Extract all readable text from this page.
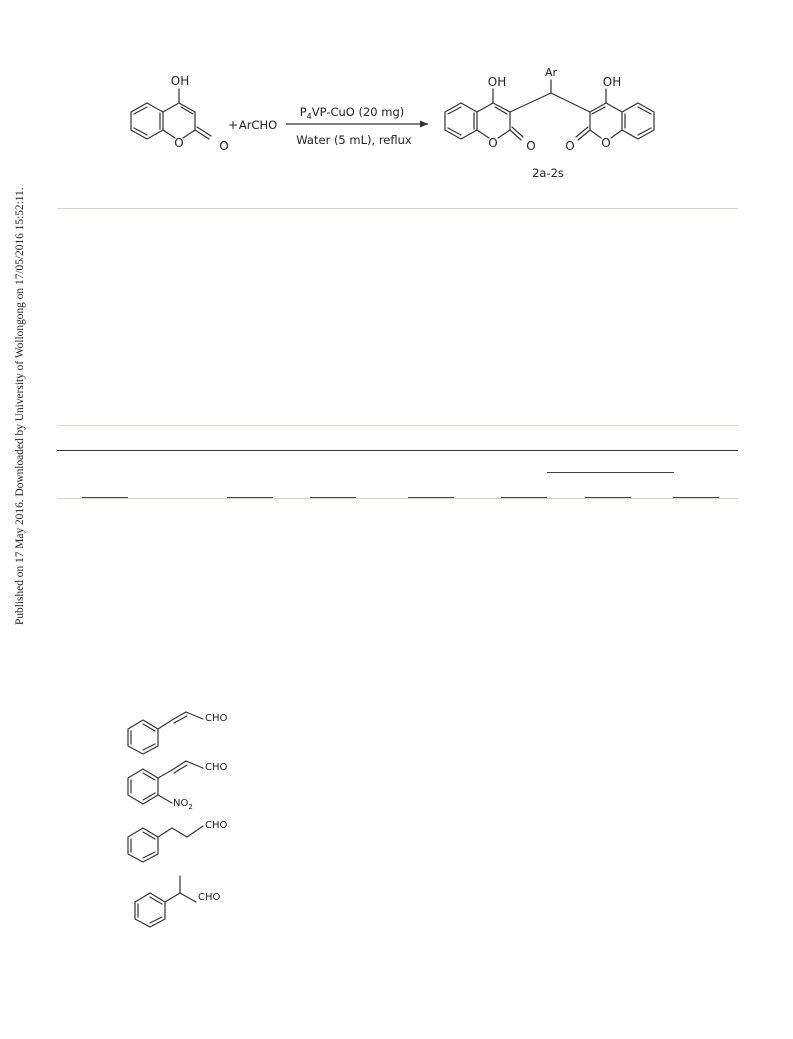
Published on 17 May 2016. Downloaded by University of Wollongong on 17/05/2016 15:52:11.
OH
O	O
+ ArCHO
$P_4VP$-CuO (20 mg)
Water (5 mL), reflux
Ar
OH	OH
O O O O
2a-2s
CHO
CHO
$NO_2$
CHO
CHO
